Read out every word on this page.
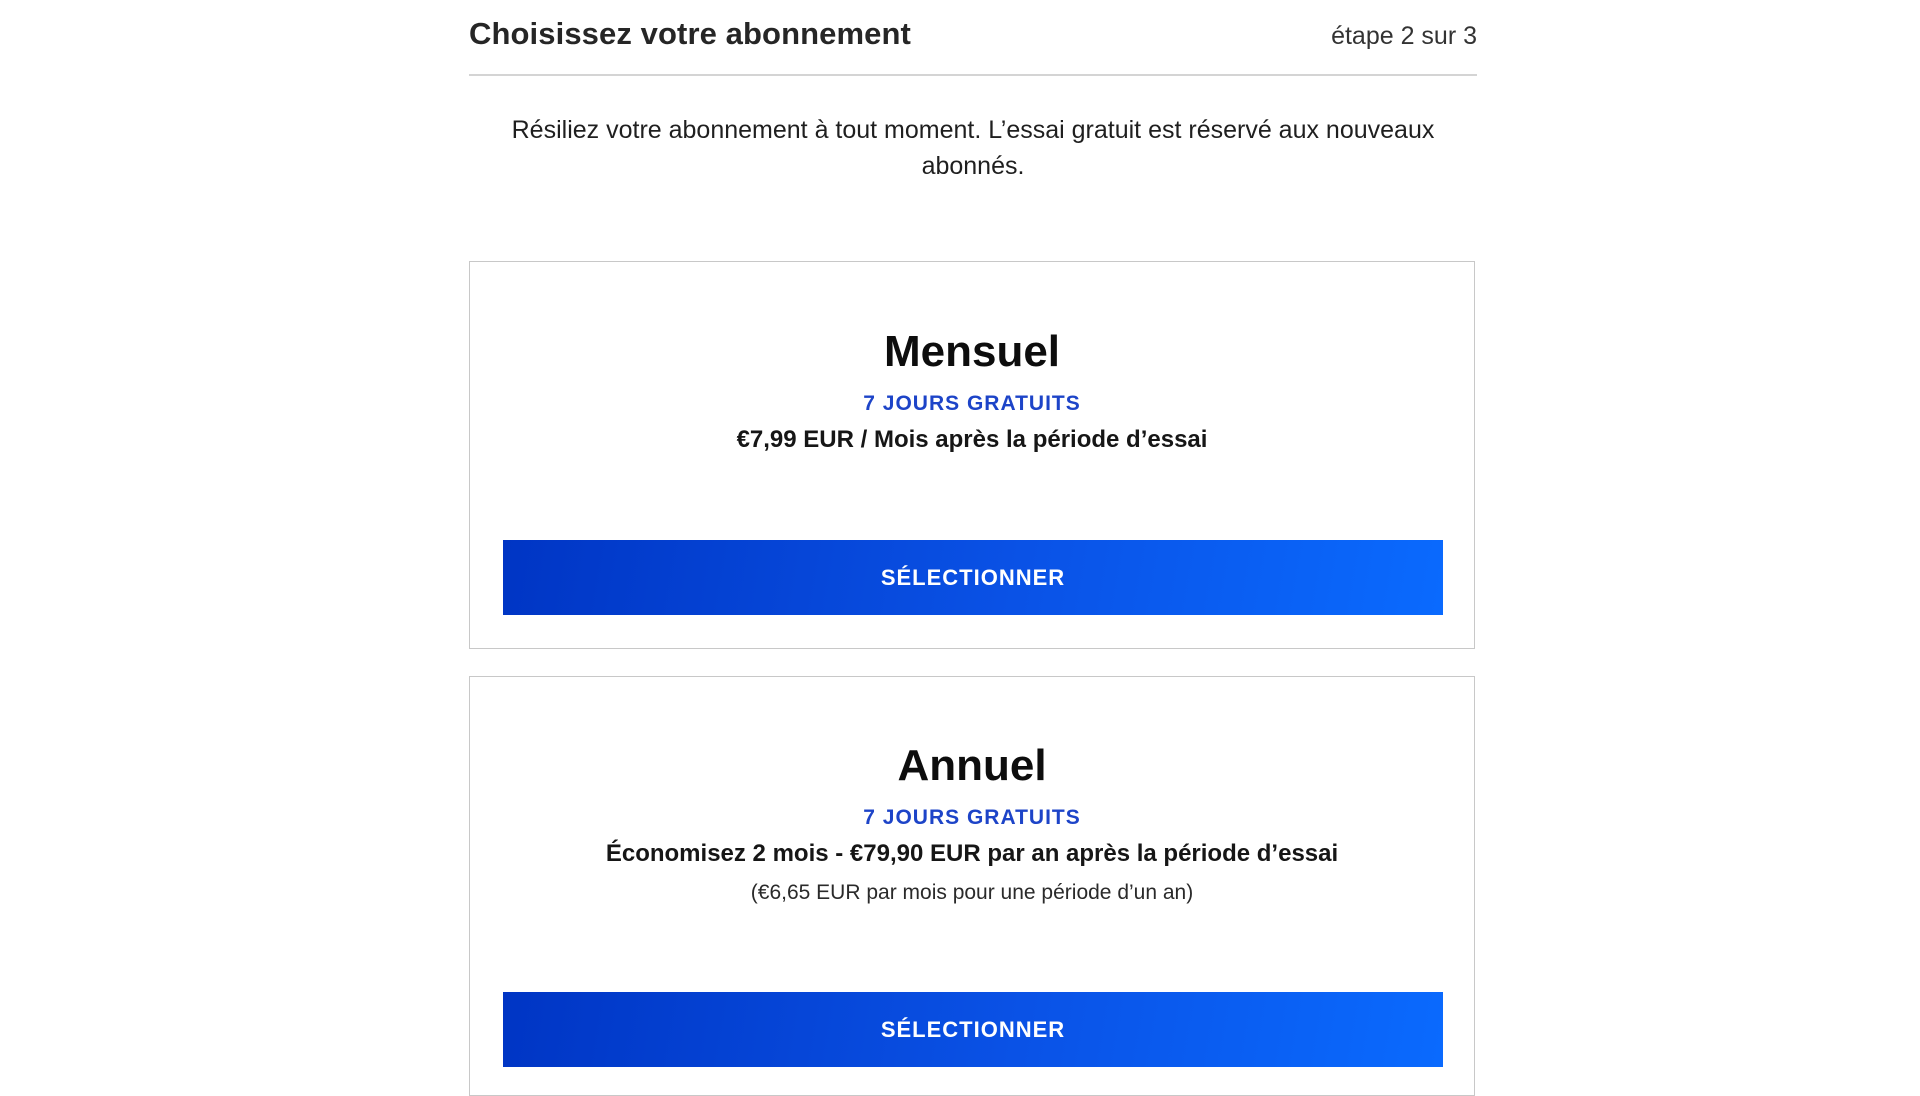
Choisissez votre abonnement	étape 2 sur 3
Résiliez votre abonnement à tout moment. L’essai gratuit est réservé aux nouveaux abonnés.
Mensuel
7 JOURS GRATUITS
€7,99 EUR / Mois après la période d’essai
SÉLECTIONNER
Annuel
7 JOURS GRATUITS
Économisez 2 mois - €79,90 EUR par an après la période d’essai
(€6,65 EUR par mois pour une période d’un an)
SÉLECTIONNER
